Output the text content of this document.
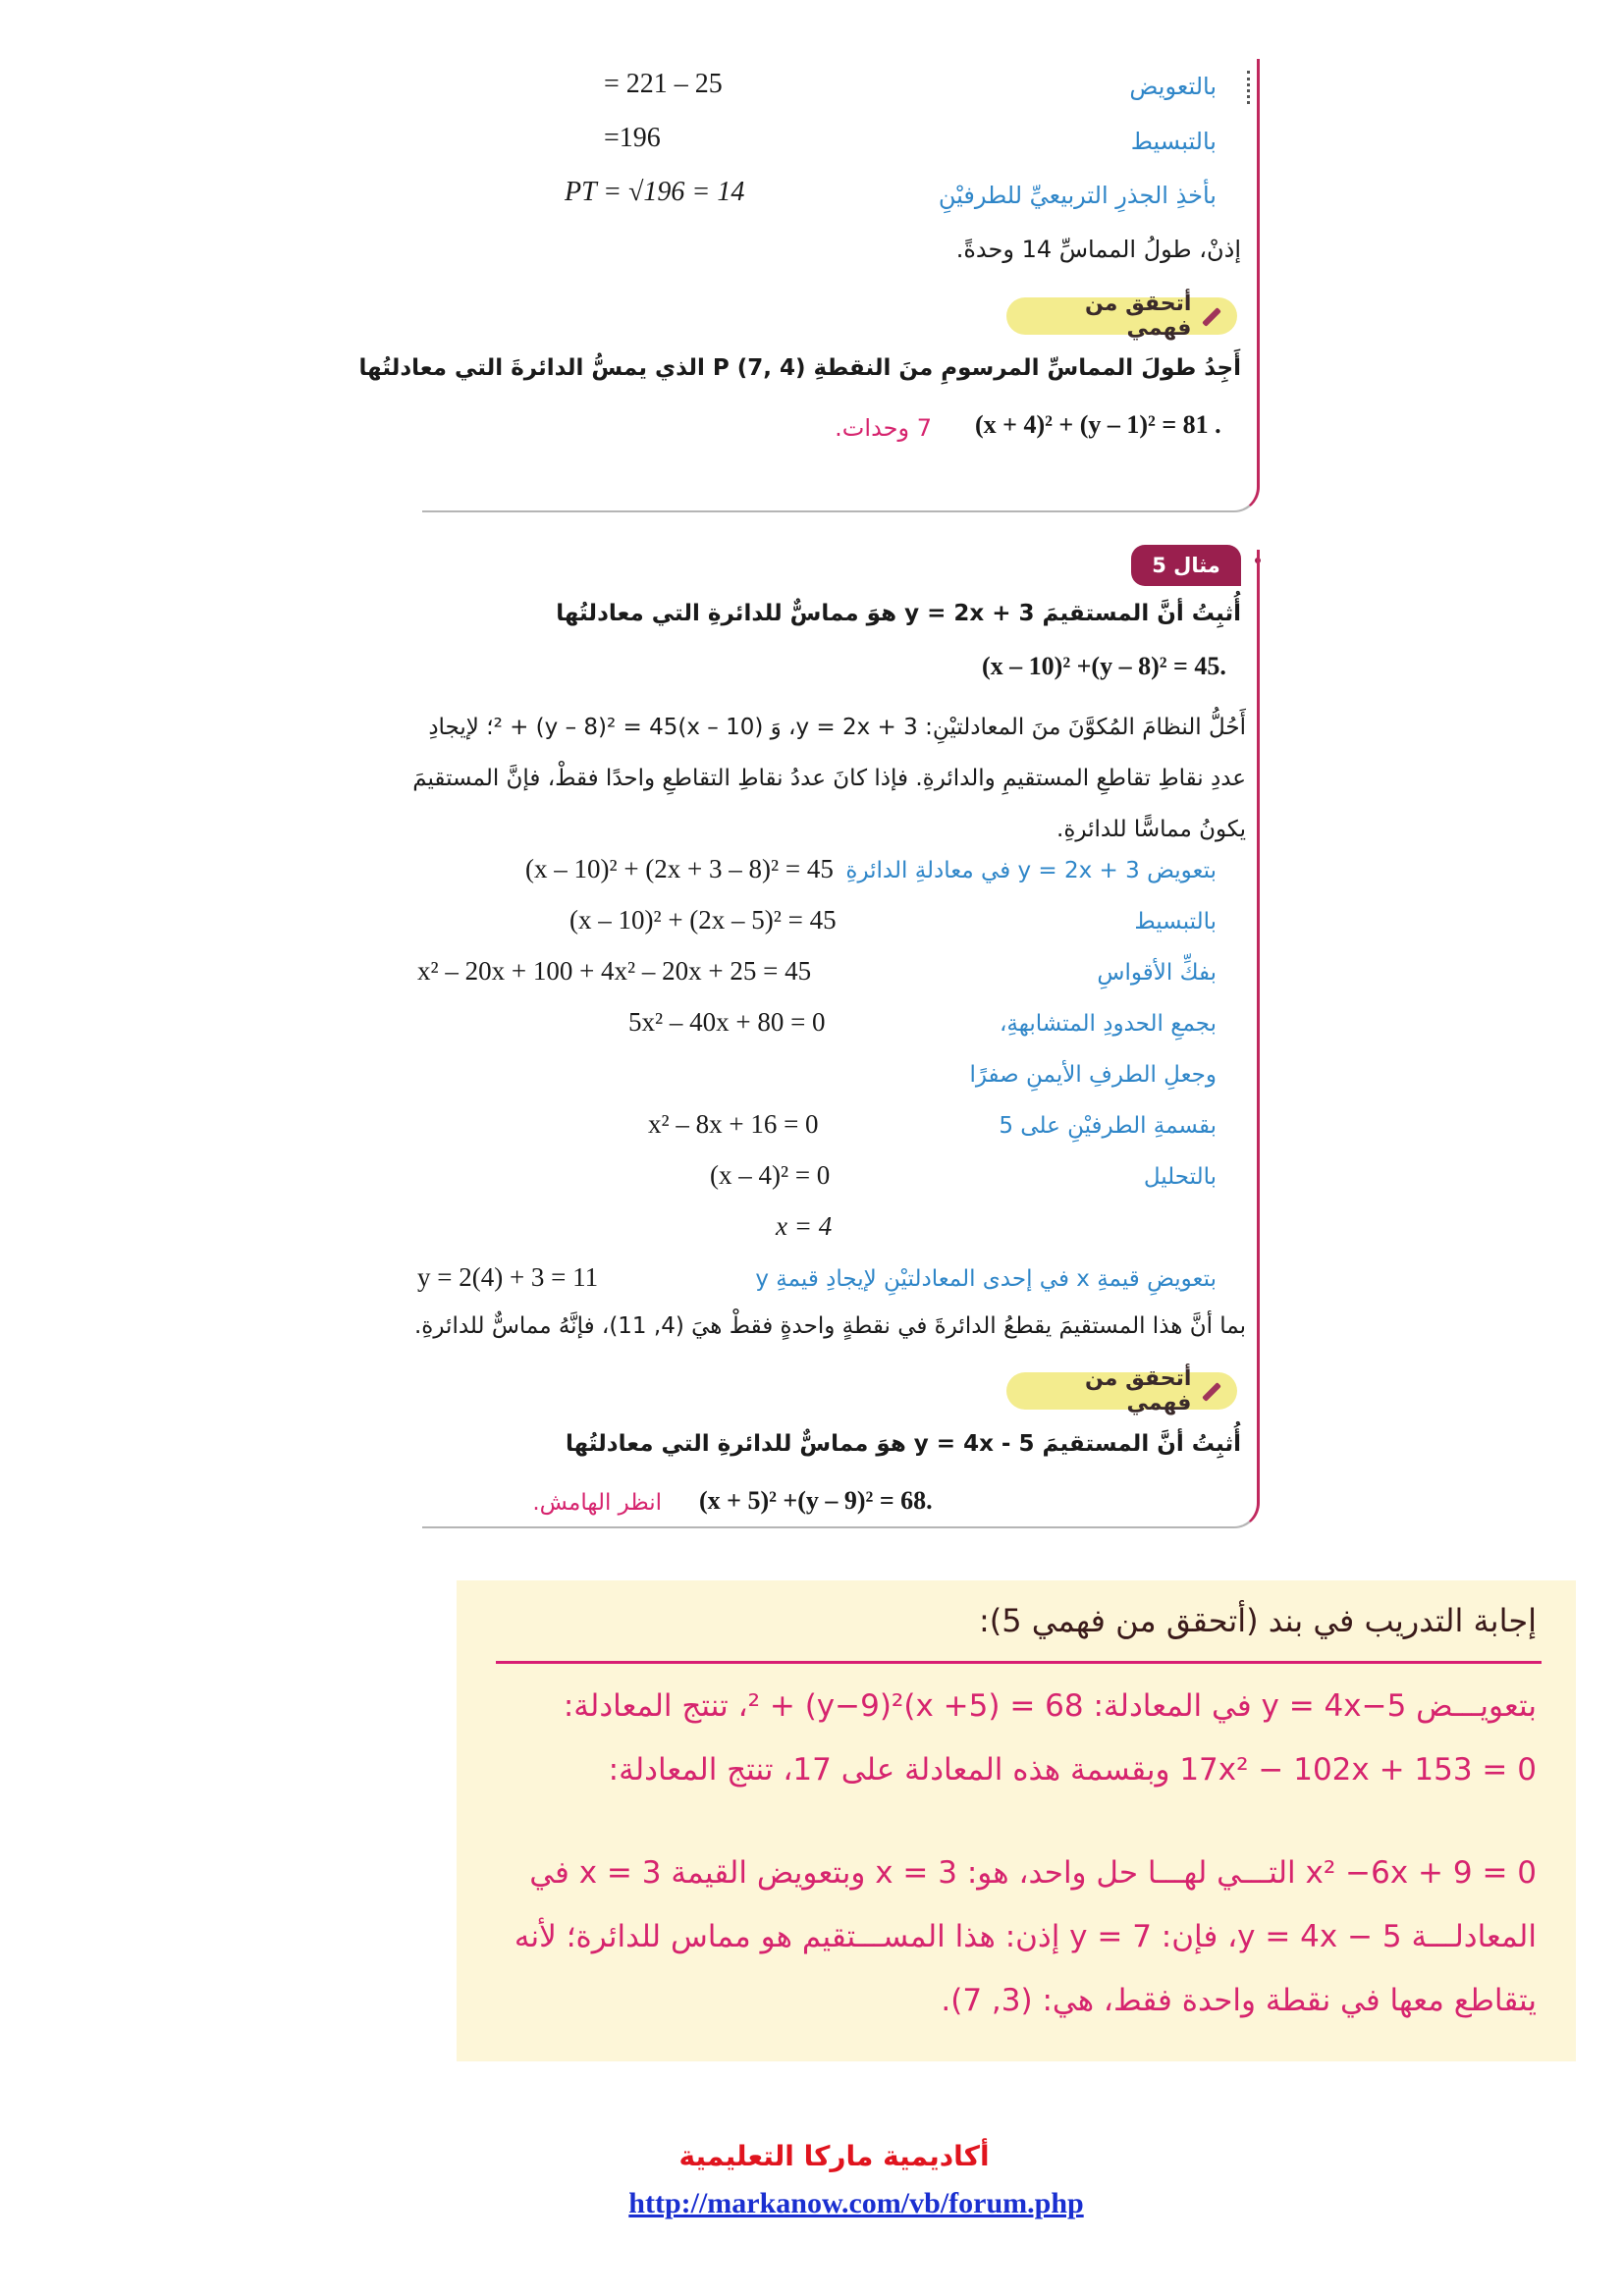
= 221 – 25	بالتعويض
=196	بالتبسيط
PT = √196 = 14	بأخذِ الجذرِ التربيعيِّ للطرفيْنِ
إذنْ، طولُ المماسِّ 14 وحدةً.
أتحقق من فهمي
أَجِدُ طولَ المماسِّ المرسومِ منَ النقطةِ P (7, 4) الذي يمسُّ الدائرةَ التي معادلتُها
(x + 4)² + (y – 1)² = 81 .
7 وحدات.
مثال 5
أُثبِتُ أنَّ المستقيمَ y = 2x + 3 هوَ مماسٌّ للدائرةِ التي معادلتُها
(x – 10)² +(y – 8)² = 45.
أَحُلُّ النظامَ المُكوَّنَ منَ المعادلتيْنِ: y = 2x + 3، وَ (x – 10)² + (y – 8)² = 45؛ لإيجادِ عددِ نقاطِ تقاطعِ المستقيمِ والدائرةِ. فإذا كانَ عددُ نقاطِ التقاطعِ واحدًا فقطْ، فإنَّ المستقيمَ يكونُ مماسًّا للدائرةِ.
(x – 10)² + (2x + 3 – 8)² = 45 بتعويض y = 2x + 3 في معادلةِ الدائرةِ
(x – 10)² + (2x – 5)² = 45	بالتبسيط
x² – 20x + 100 + 4x² – 20x + 25 = 45	بفكِّ الأقواسِ
5x² – 40x + 80 = 0	بجمعِ الحدودِ المتشابهةِ،
وجعلِ الطرفِ الأيمنِ صفرًا
x² – 8x + 16 = 0	بقسمةِ الطرفيْنِ على 5
(x – 4)² = 0	بالتحليل
x = 4
y = 2(4) + 3 = 11	بتعويضِ قيمةِ x في إحدى المعادلتيْنِ لإيجادِ قيمةِ y
بما أنَّ هذا المستقيمَ يقطعُ الدائرةَ في نقطةٍ واحدةٍ فقطْ هيَ (4, 11)، فإنَّهُ مماسٌّ للدائرةِ.
أتحقق من فهمي
أُثبِتُ أنَّ المستقيمَ y = 4x - 5 هوَ مماسٌّ للدائرةِ التي معادلتُها
(x + 5)² +(y – 9)² = 68.
انظر الهامش.
إجابة التدريب في بند (أتحقق من فهمي 5):
بتعويـــض y = 4x−5 في المعادلة: 68 = (x +5)² + (y−9)²، تنتج المعادلة:
17x² − 102x + 153 = 0 وبقسمة هذه المعادلة على 17، تنتج المعادلة:
x² −6x + 9 = 0 التـــي لهـــا حل واحد، هو: x = 3 وبتعويض القيمة x = 3 في
المعادلـــة y = 4x − 5، فإن: y = 7 إذن: هذا المســـتقيم هو مماس للدائرة؛ لأنه
يتقاطع معها في نقطة واحدة فقط، هي: (3, 7).
أكاديمية ماركا التعليمية
http://markanow.com/vb/forum.php
